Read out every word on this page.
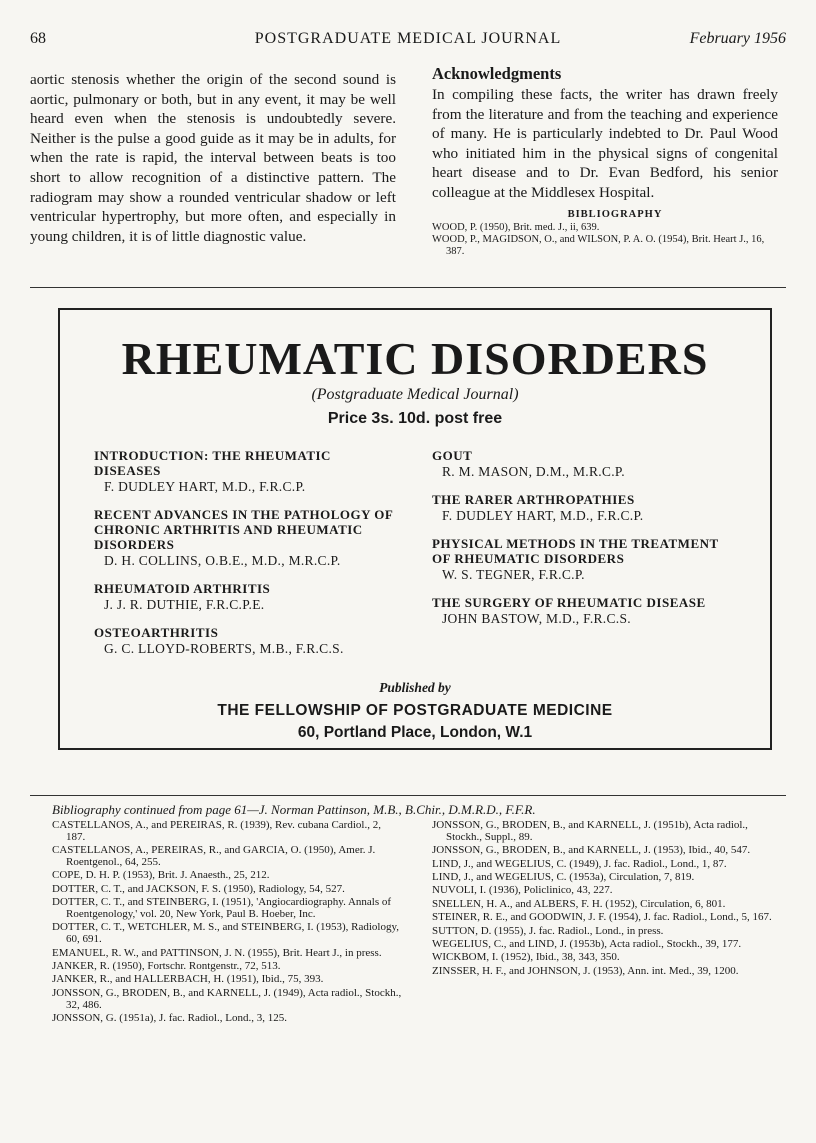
68	POSTGRADUATE MEDICAL JOURNAL	February 1956
aortic stenosis whether the origin of the second sound is aortic, pulmonary or both, but in any event, it may be well heard even when the stenosis is undoubtedly severe. Neither is the pulse a good guide as it may be in adults, for when the rate is rapid, the interval between beats is too short to allow recognition of a distinctive pattern. The radiogram may show a rounded ventricular shadow or left ventricular hypertrophy, but more often, and especially in young children, it is of little diagnostic value.
Acknowledgments

In compiling these facts, the writer has drawn freely from the literature and from the teaching and experience of many. He is particularly indebted to Dr. Paul Wood who initiated him in the physical signs of congenital heart disease and to Dr. Evan Bedford, his senior colleague at the Middlesex Hospital.

BIBLIOGRAPHY

WOOD, P. (1950), Brit. med. J., ii, 639.

WOOD, P., MAGIDSON, O., and WILSON, P. A. O. (1954), Brit. Heart J., 16, 387.

RHEUMATIC DISORDERS
(Postgraduate Medical Journal)
Price 3s. 10d. post free
INTRODUCTION: THE RHEUMATIC DISEASES
F. DUDLEY HART, M.D., F.R.C.P.
RECENT ADVANCES IN THE PATHOLOGY OF CHRONIC ARTHRITIS AND RHEUMATIC DISORDERS
D. H. COLLINS, O.B.E., M.D., M.R.C.P.
RHEUMATOID ARTHRITIS
J. J. R. DUTHIE, F.R.C.P.E.
OSTEOARTHRITIS
G. C. LLOYD-ROBERTS, M.B., F.R.C.S.
GOUT
R. M. MASON, D.M., M.R.C.P.
THE RARER ARTHROPATHIES
F. DUDLEY HART, M.D., F.R.C.P.
PHYSICAL METHODS IN THE TREATMENT OF RHEUMATIC DISORDERS
W. S. TEGNER, F.R.C.P.
THE SURGERY OF RHEUMATIC DISEASE
JOHN BASTOW, M.D., F.R.C.S.
Published by
THE FELLOWSHIP OF POSTGRADUATE MEDICINE
60, Portland Place, London, W.1
Bibliography continued from page 61—J. Norman Pattinson, M.B., B.Chir., D.M.R.D., F.F.R.

CASTELLANOS, A., and PEREIRAS, R. (1939), Rev. cubana Cardiol., 2, 187.

CASTELLANOS, A., PEREIRAS, R., and GARCIA, O. (1950), Amer. J. Roentgenol., 64, 255.

COPE, D. H. P. (1953), Brit. J. Anaesth., 25, 212.

DOTTER, C. T., and JACKSON, F. S. (1950), Radiology, 54, 527.

DOTTER, C. T., and STEINBERG, I. (1951), 'Angiocardiography. Annals of Roentgenology,' vol. 20, New York, Paul B. Hoeber, Inc.

DOTTER, C. T., WETCHLER, M. S., and STEINBERG, I. (1953), Radiology, 60, 691.

EMANUEL, R. W., and PATTINSON, J. N. (1955), Brit. Heart J., in press.

JANKER, R. (1950), Fortschr. Rontgenstr., 72, 513.

JANKER, R., and HALLERBACH, H. (1951), Ibid., 75, 393.

JONSSON, G., BRODEN, B., and KARNELL, J. (1949), Acta radiol., Stockh., 32, 486.

JONSSON, G. (1951a), J. fac. Radiol., Lond., 3, 125.

JONSSON, G., BRODEN, B., and KARNELL, J. (1951b), Acta radiol., Stockh., Suppl., 89.

JONSSON, G., BRODEN, B., and KARNELL, J. (1953), Ibid., 40, 547.

LIND, J., and WEGELIUS, C. (1949), J. fac. Radiol., Lond., 1, 87.

LIND, J., and WEGELIUS, C. (1953a), Circulation, 7, 819.

NUVOLI, I. (1936), Policlinico, 43, 227.

SNELLEN, H. A., and ALBERS, F. H. (1952), Circulation, 6, 801.

STEINER, R. E., and GOODWIN, J. F. (1954), J. fac. Radiol., Lond., 5, 167.

SUTTON, D. (1955), J. fac. Radiol., Lond., in press.

WEGELIUS, C., and LIND, J. (1953b), Acta radiol., Stockh., 39, 177.

WICKBOM, I. (1952), Ibid., 38, 343, 350.

ZINSSER, H. F., and JOHNSON, J. (1953), Ann. int. Med., 39, 1200.
